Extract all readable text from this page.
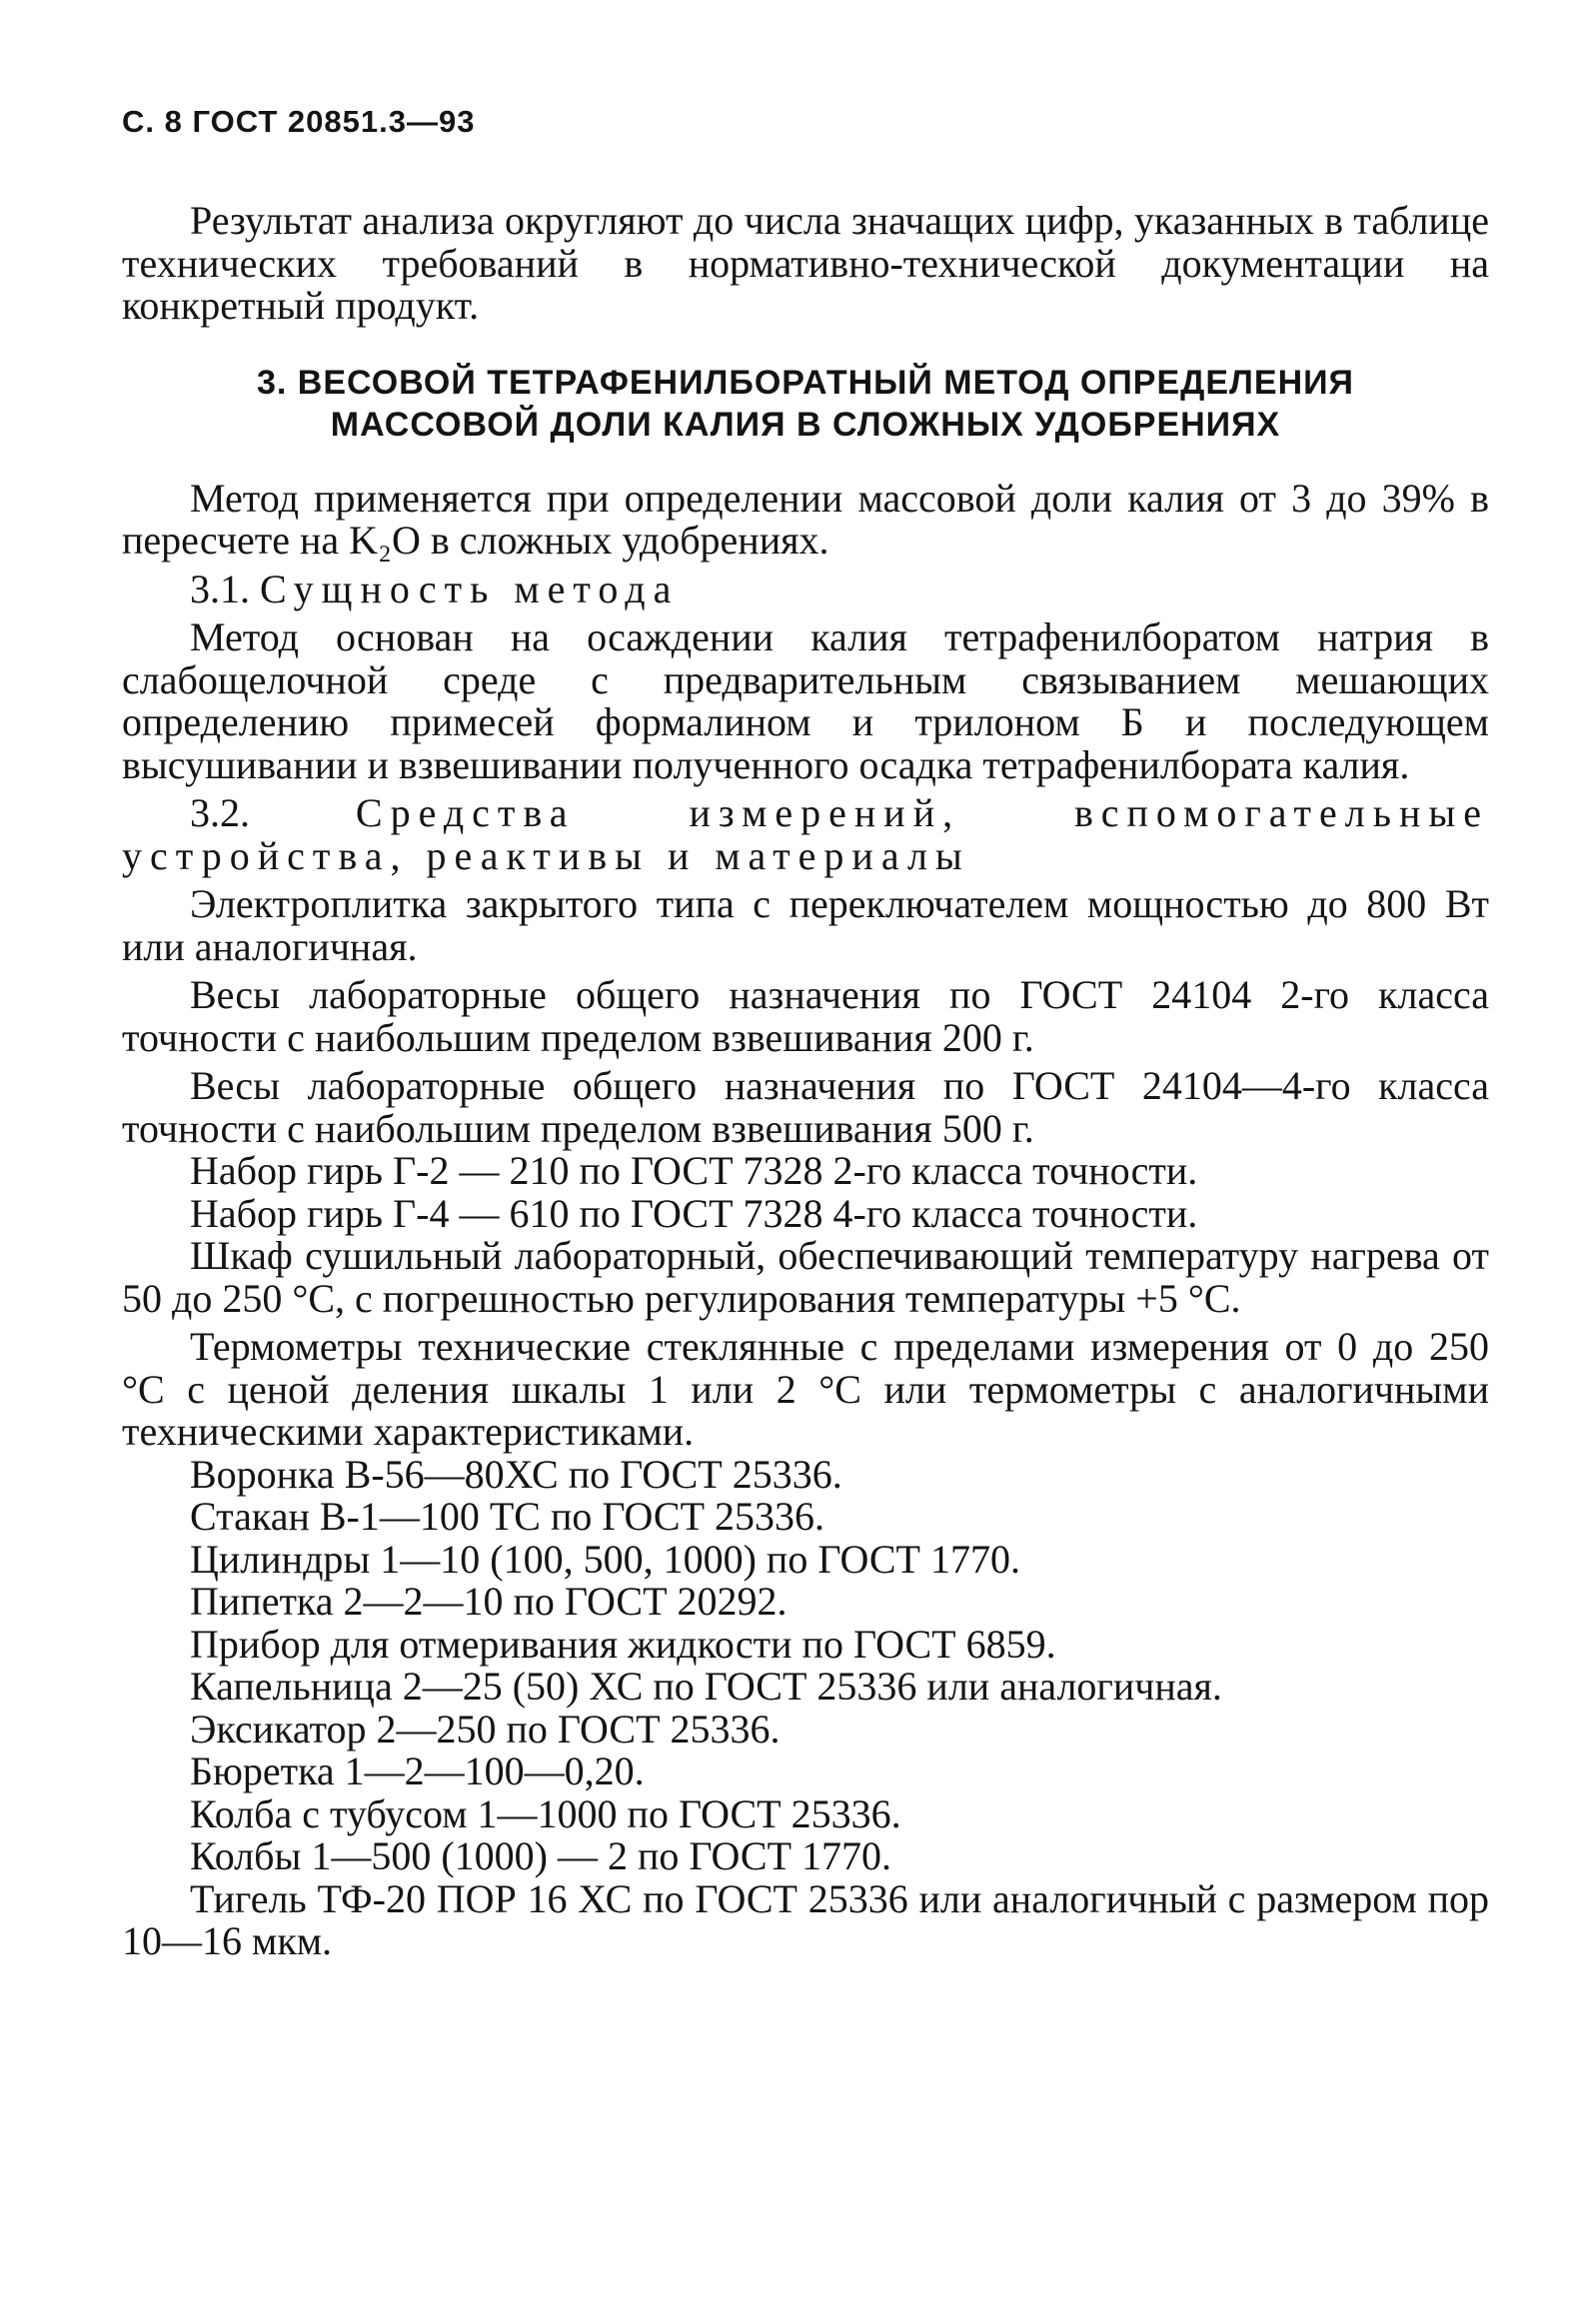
С. 8 ГОСТ 20851.3—93

Результат анализа округляют до числа значащих цифр, указанных в таблице технических требований в нормативно-технической документации на конкретный продукт.

3. ВЕСОВОЙ ТЕТРАФЕНИЛБОРАТНЫЙ МЕТОД ОПРЕДЕЛЕНИЯ
МАССОВОЙ ДОЛИ КАЛИЯ В СЛОЖНЫХ УДОБРЕНИЯХ

Метод применяется при определении массовой доли калия от 3 до 39% в пересчете на K₂O в сложных удобрениях.

3.1. Сущность метода

Метод основан на осаждении калия тетрафенилборатом натрия в слабощелочной среде с предварительным связыванием мешающих определению примесей формалином и трилоном Б и последующем высушивании и взвешивании полученного осадка тетрафенилбората калия.

3.2.	Средства измерений, вспомогательные устройства, реактивы и материалы

Электроплитка закрытого типа с переключателем мощностью до 800 Вт или аналогичная.

Весы лабораторные общего назначения по ГОСТ 24104 2-го класса точности с наибольшим пределом взвешивания 200 г.

Весы лабораторные общего назначения по ГОСТ 24104—4-го класса точности с наибольшим пределом взвешивания 500 г.

Набор гирь Г-2 — 210 по ГОСТ 7328 2-го класса точности.

Набор гирь Г-4 — 610 по ГОСТ 7328 4-го класса точности.

Шкаф сушильный лабораторный, обеспечивающий температуру нагрева от 50 до 250 °С, с погрешностью регулирования температуры +5 °С.

Термометры технические стеклянные с пределами измерения от 0 до 250 °С с ценой деления шкалы 1 или 2 °С или термометры с аналогичными техническими характеристиками.

Воронка В-56—80ХС по ГОСТ 25336.

Стакан В-1—100 ТС по ГОСТ 25336.

Цилиндры 1—10 (100, 500, 1000) по ГОСТ 1770.

Пипетка 2—2—10 по ГОСТ 20292.

Прибор для отмеривания жидкости по ГОСТ 6859.

Капельница 2—25 (50) ХС по ГОСТ 25336 или аналогичная.

Эксикатор 2—250 по ГОСТ 25336.

Бюретка 1—2—100—0,20.

Колба с тубусом 1—1000 по ГОСТ 25336.

Колбы 1—500 (1000) — 2 по ГОСТ 1770.

Тигель ТФ-20 ПОР 16 ХС по ГОСТ 25336 или аналогичный с размером пор 10—16 мкм.
